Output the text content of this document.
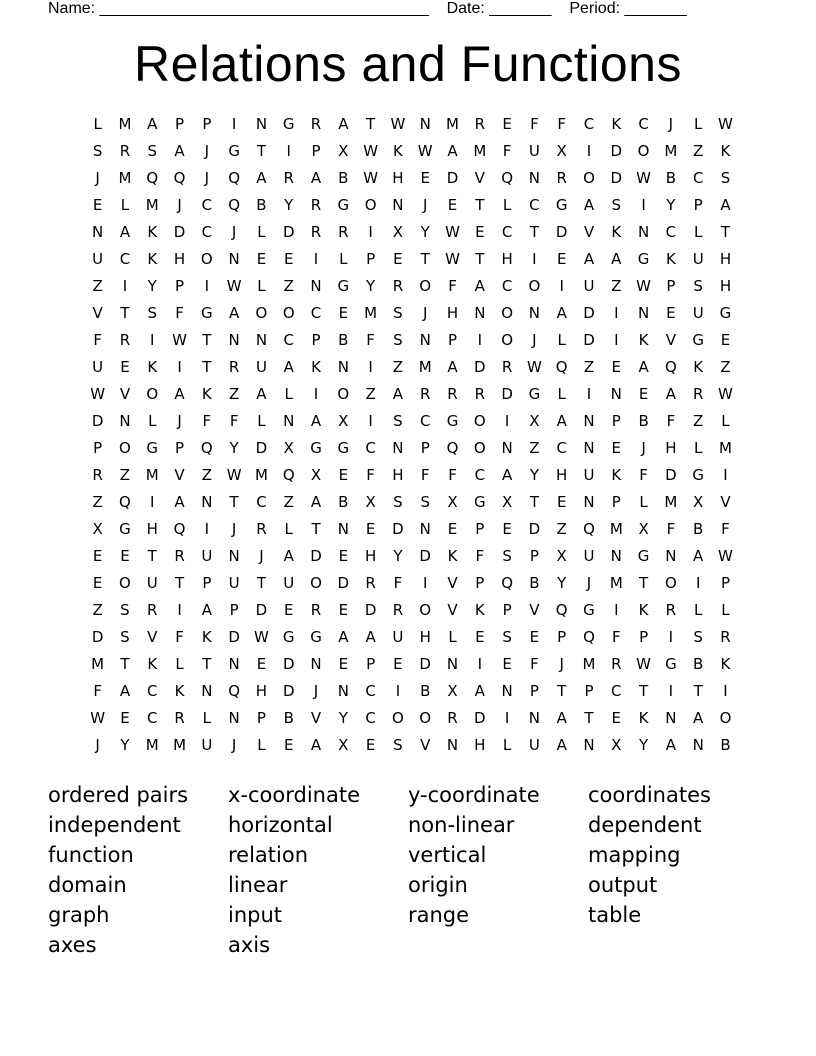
Name: _____________________________________    Date: _______    Period: _______
Relations and Functions
L	M	A	P	P	I	N	G	R	A	T	W N	M	R	E	F	F	C	K	C	J	L	W
S	R	S	A	J	G	T	I	P	X W K W A	M	F	U	X	I	D	O M	Z	K
J	M Q	Q	J	Q	A	R	A	B W H	E	D	V	Q	N	R	O	D W B	C	S
E	L	M	J	C	Q	B	Y	R	G	O	N	J	E	T	L	C	G	A	S	I	Y	P	A
N	A	K	D	C	J	L	D	R	R	I	X	Y	W	E	C	T	D	V	K	N	C	L	T
U	C	K	H	O	N	E	E	I	L	P	E	T	W	T	H	I	E	A	A	G	K	U	H
Z	I	Y	P	I	W	L	Z	N	G	Y	R	O	F	A	C	O	I	U	Z W	P	S	H
V	T	S	F	G	A	O	O	C	E	M	S	J	H	N	O	N	A	D	I	N	E	U	G
F	R	I	W	T	N	N	C	P	B	F	S	N	P	I	O	J	L	D	I	K	V	G	E
U	E	K	I	T	R	U	A	K	N	I	Z	M	A	D	R W Q	Z	E	A	Q	K	Z
W V	O	A	K	Z	A	L	I	O	Z	A	R	R	R	D	G	L	I	N	E	A	R W
D	N	L	J	F	F	L	N	A	X	I	S	C	G	O	I	X	A	N	P	B	F	Z	L
P	O	G	P	Q	Y	D	X	G	G	C	N	P	Q	O	N	Z	C	N	E	J	H	L	M
R	Z	M	V	Z W M Q	X	E	F	H	F	F	C	A	Y	H	U	K	F	D	G	I
Z	Q	I	A	N	T	C	Z	A	B	X	S	S	X	G	X	T	E	N	P	L	M	X	V
X	G	H	Q	I	J	R	L	T	N	E	D	N	E	P	E	D	Z	Q M	X	F	B	F
E	E	T	R	U	N	J	A	D	E	H	Y	D	K	F	S	P	X	U	N	G	N	A W
E	O	U	T	P	U	T	U	O	D	R	F	I	V	P	Q	B	Y	J	M	T	O	I	P
Z	S	R	I	A	P	D	E	R	E	D	R	O	V	K	P	V	Q	G	I	K	R	L	L
D	S	V	F	K	D W G	G	A	A	U	H	L	E	S	E	P	Q	F	P	I	S	R
M	T	K	L	T	N	E	D	N	E	P	E	D	N	I	E	F	J	M	R W G	B	K
F	A	C	K	N	Q	H	D	J	N	C	I	B	X	A	N	P	T	P	C	T	I	T	I
W	E	C	R	L	N	P	B	V	Y	C	O	O	R	D	I	N	A	T	E	K	N	A	O
J	Y	M M	U	J	L	E	A	X	E	S	V	N	H	L	U	A	N	X	Y	A	N	B
ordered pairs	x-coordinate	y-coordinate	coordinates
independent	horizontal	non-linear	dependent
function	relation	vertical	mapping
domain	linear	origin	output
graph	input	range	table
axes	axis
